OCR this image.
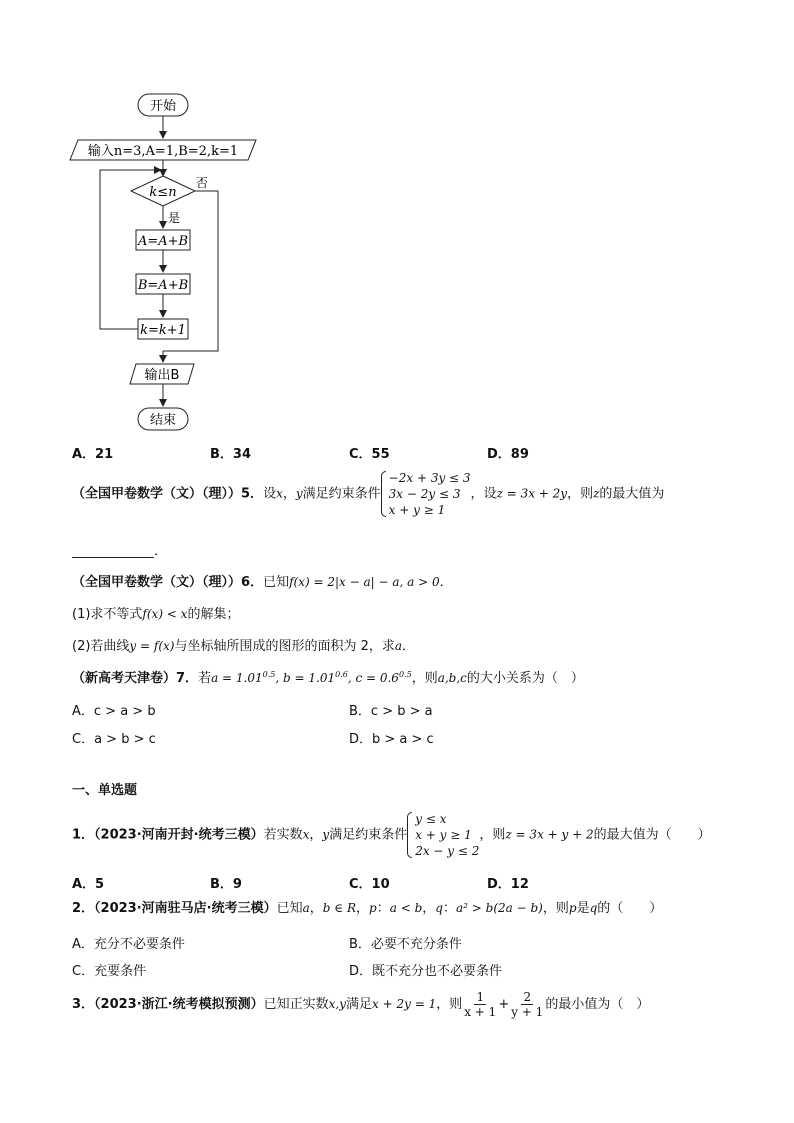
开始
输入n=3,A=1,B=2,k=1
k≤n
否
是
A=A+B
B=A+B
k=k+1
输出B
结束
A．21	B．34	C．55	D．89
（全国甲卷数学（文）（理））5．设x，y满足约束条件
−2x + 3y ≤ 3
3x − 2y ≤ 3
x + y ≥ 1
，设z = 3x + 2y，则z的最大值为
．
（全国甲卷数学（文）（理））6．已知f(x) = 2|x − a| − a, a > 0．
(1)求不等式f(x) < x的解集；
(2)若曲线y = f(x)与坐标轴所围成的图形的面积为 2，求a．
（新高考天津卷）7．若$a = 1.01^{0.5}$, $b = 1.01^{0.6}$, $c = 0.6^{0.5}$，则a,b,c的大小关系为（　）
A．c > a > b	B．c > b > a
C．a > b > c	D．b > a > c
一、单选题
1．（2023·河南开封·统考三模）若实数x，y满足约束条件
y ≤ x
x + y ≥ 1
2x − y ≤ 2
，则z = 3x + y + 2的最大值为（　　）
A．5	B．9	C．10	D．12
2．（2023·河南驻马店·统考三模）已知a，b ∈ R，p：a < b，q：a² > b(2a − b)，则p是q的（　　）
A．充分不必要条件	B．必要不充分条件
C．充要条件	D．既不充分也不必要条件
3．（2023·浙江·统考模拟预测）已知正实数x,y满足x + 2y = 1，则 $\frac{1}{x + 1} + \frac{2}{y + 1}$ 的最小值为（　）
